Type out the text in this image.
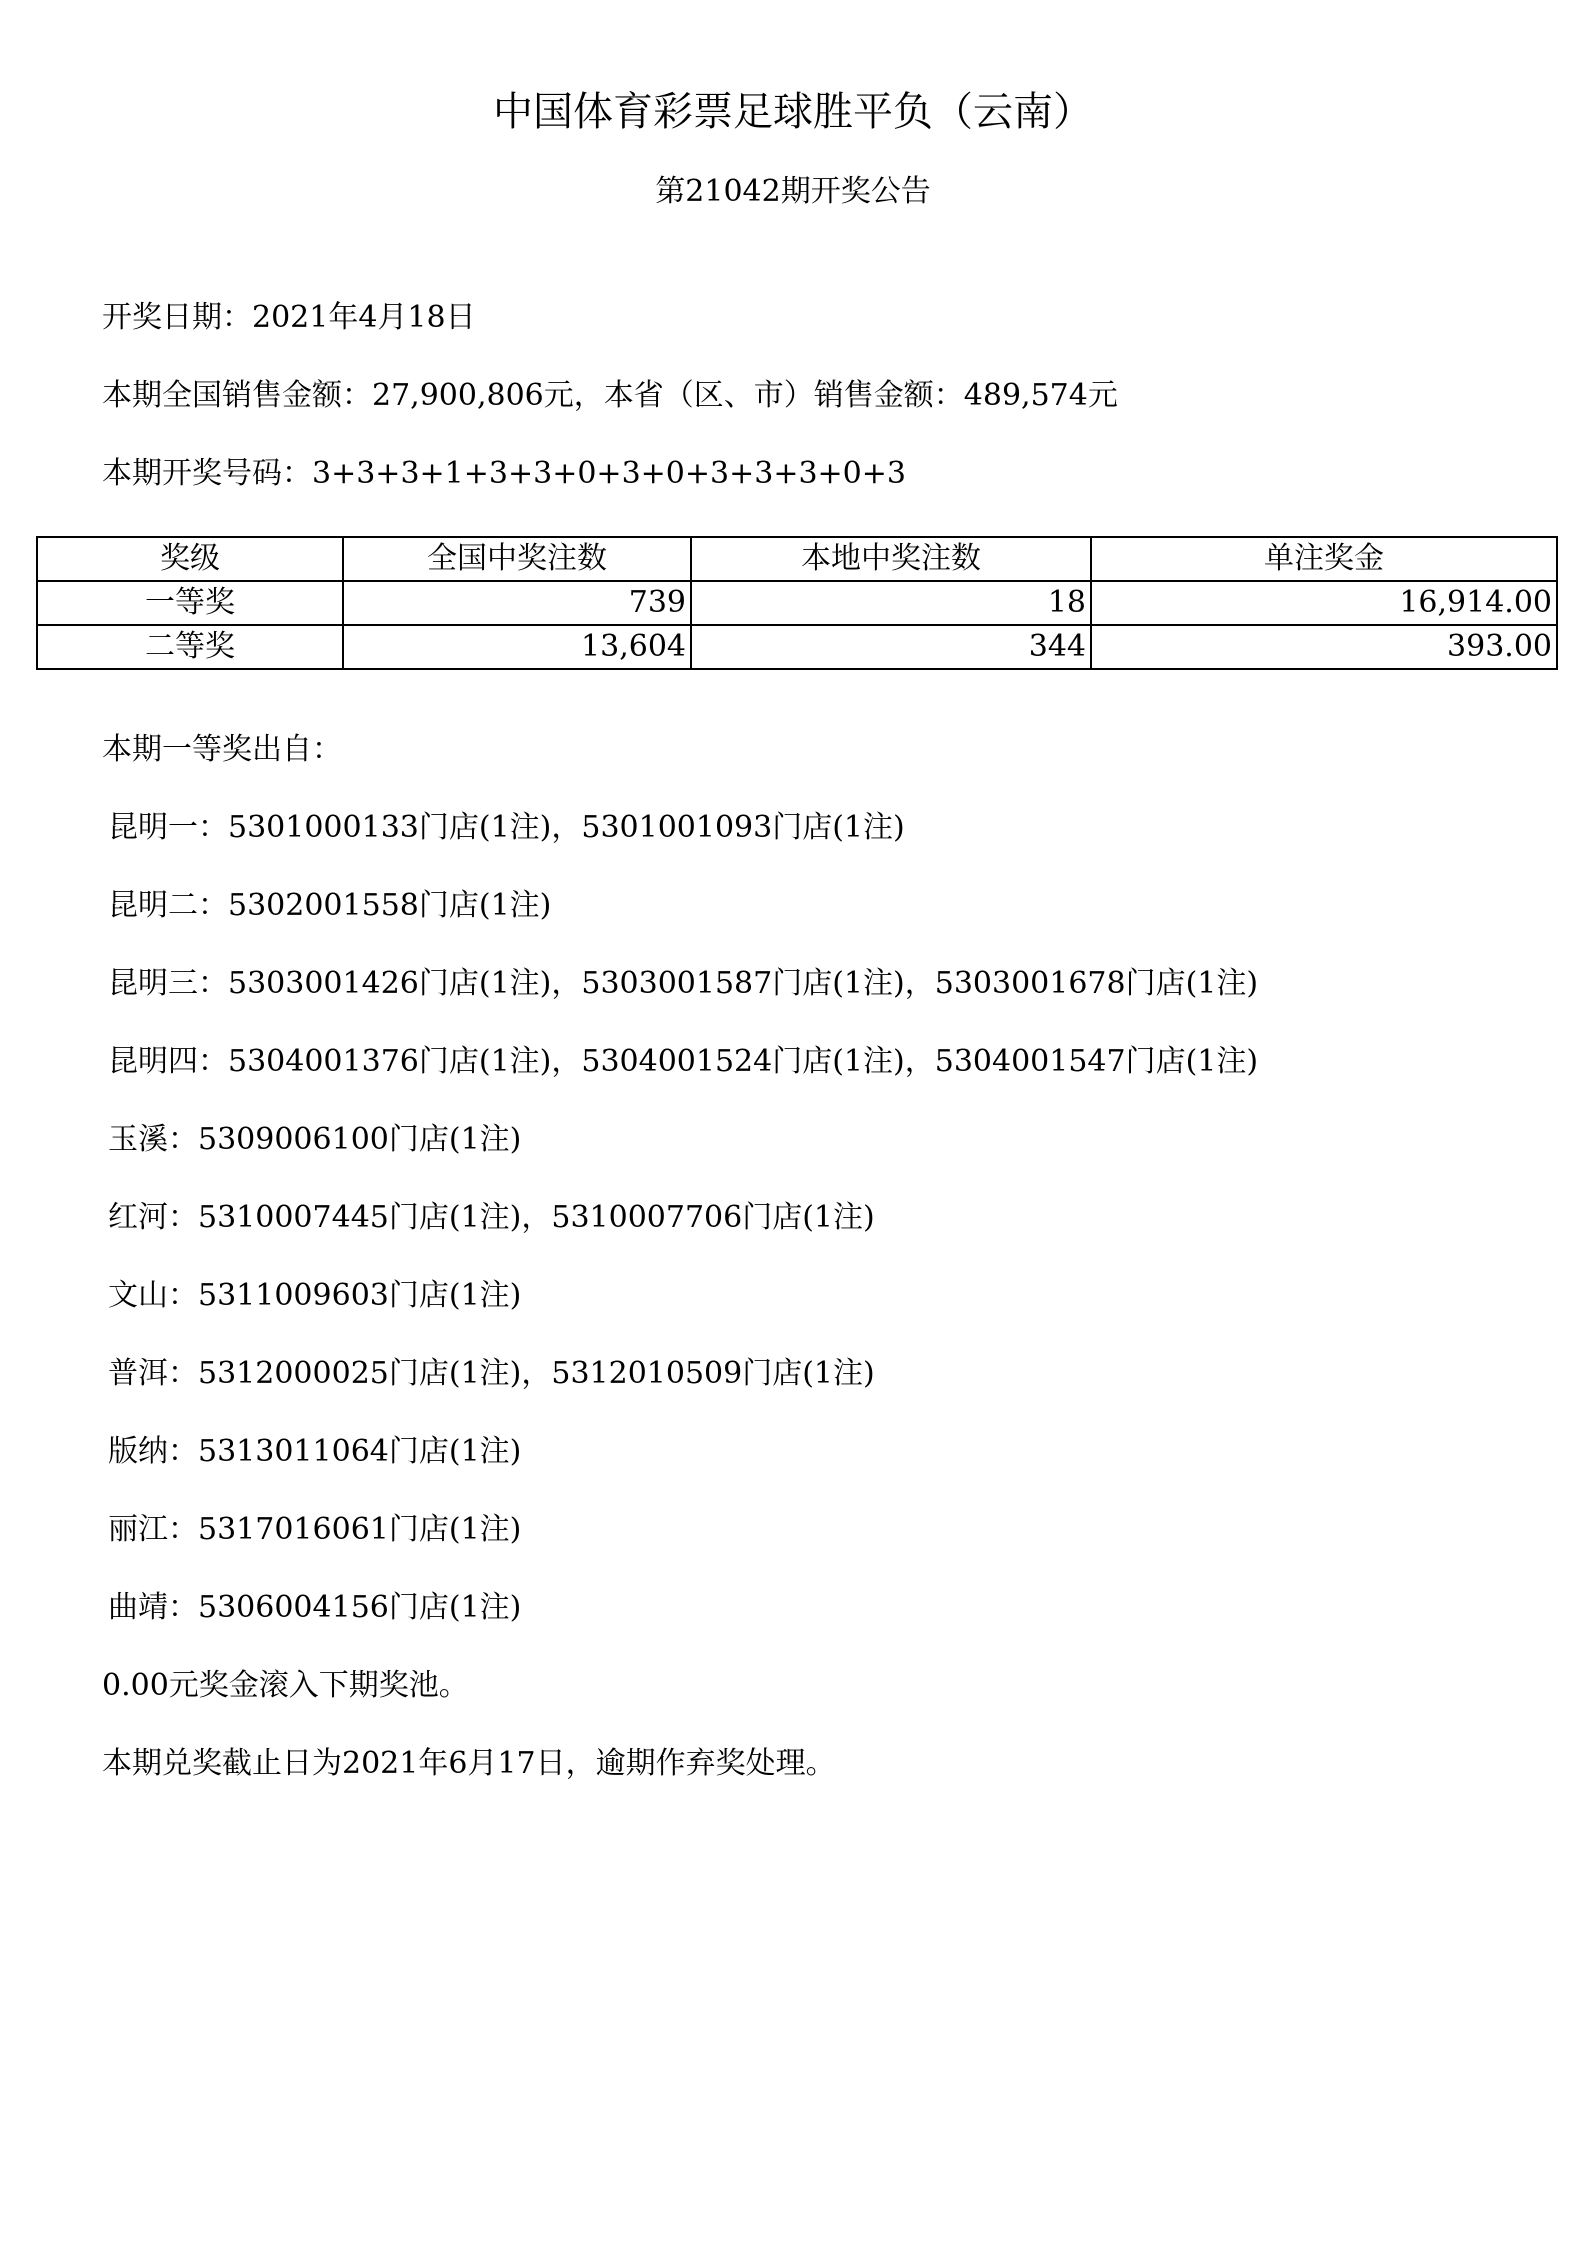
中国体育彩票足球胜平负（云南）
第21042期开奖公告
开奖日期：2021年4月18日
本期全国销售金额：27,900,806元，本省（区、市）销售金额：489,574元
本期开奖号码：3+3+3+1+3+3+0+3+0+3+3+3+0+3
奖级	全国中奖注数	本地中奖注数	单注奖金
一等奖	739	18	16,914.00
二等奖	13,604	344	393.00
本期一等奖出自：
昆明一：5301000133门店(1注)，5301001093门店(1注)
昆明二：5302001558门店(1注)
昆明三：5303001426门店(1注)，5303001587门店(1注)，5303001678门店(1注)
昆明四：5304001376门店(1注)，5304001524门店(1注)，5304001547门店(1注)
玉溪：5309006100门店(1注)
红河：5310007445门店(1注)，5310007706门店(1注)
文山：5311009603门店(1注)
普洱：5312000025门店(1注)，5312010509门店(1注)
版纳：5313011064门店(1注)
丽江：5317016061门店(1注)
曲靖：5306004156门店(1注)
0.00元奖金滚入下期奖池。
本期兑奖截止日为2021年6月17日，逾期作弃奖处理。
